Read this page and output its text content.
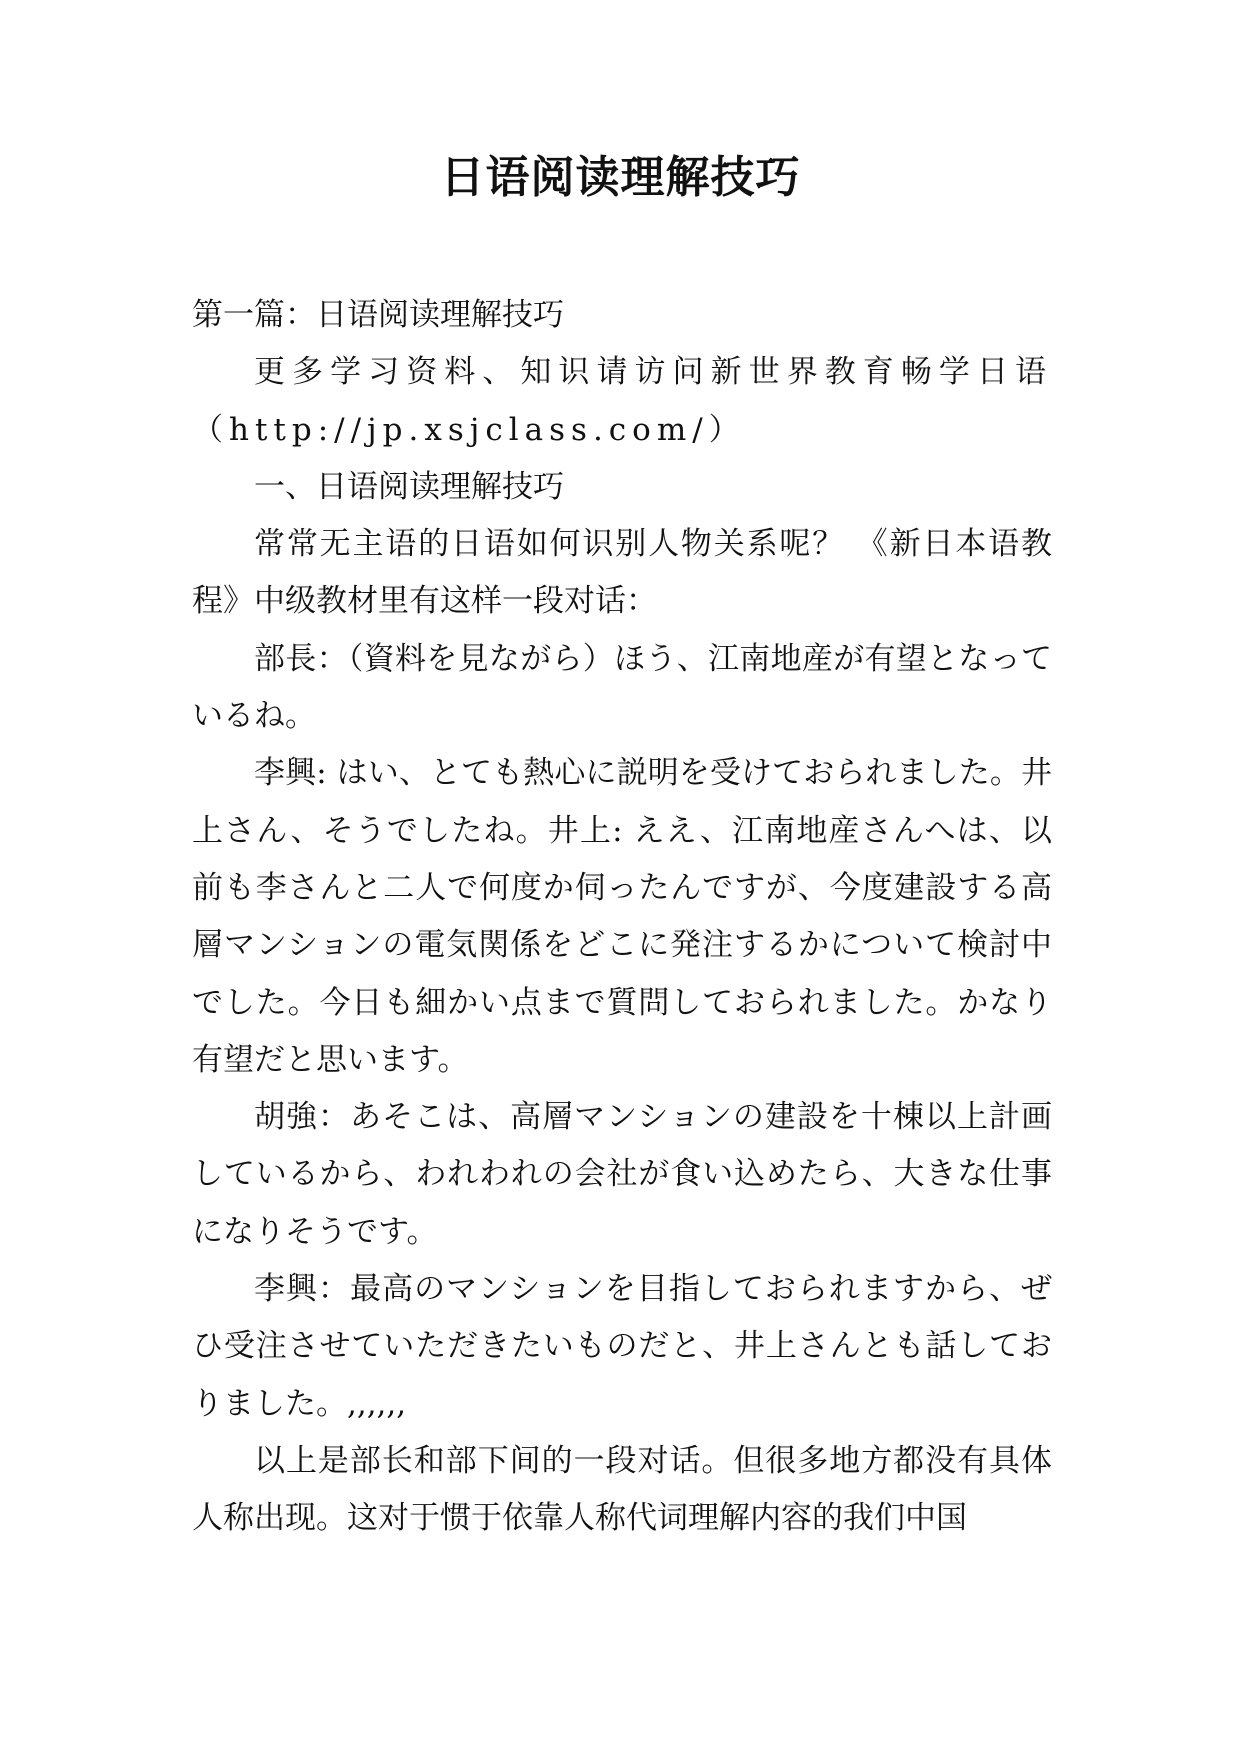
日语阅读理解技巧

第一篇：日语阅读理解技巧

更多学习资料、知识请访问新世界教育畅学日语（http://jp.xsjclass.com/）

一、日语阅读理解技巧

常常无主语的日语如何识别人物关系呢？ 《新日本语教程》中级教材里有这样一段对话：

部長：（資料を見ながら）ほう、江南地産が有望となっているね。

李興: はい、とても熱心に説明を受けておられました。井上さん、そうでしたね。井上: ええ、江南地産さんへは、以前も李さんと二人で何度か伺ったんですが、今度建設する高層マンションの電気関係をどこに発注するかについて検討中でした。今日も細かい点まで質問しておられました。かなり有望だと思います。

胡強：あそこは、高層マンションの建設を十棟以上計画しているから、われわれの会社が食い込めたら、大きな仕事になりそうです。

李興：最高のマンションを目指しておられますから、ぜひ受注させていただきたいものだと、井上さんとも話しておりました。,,,,,,

以上是部长和部下间的一段对话。但很多地方都没有具体人称出现。这对于惯于依靠人称代词理解内容的我们中国
